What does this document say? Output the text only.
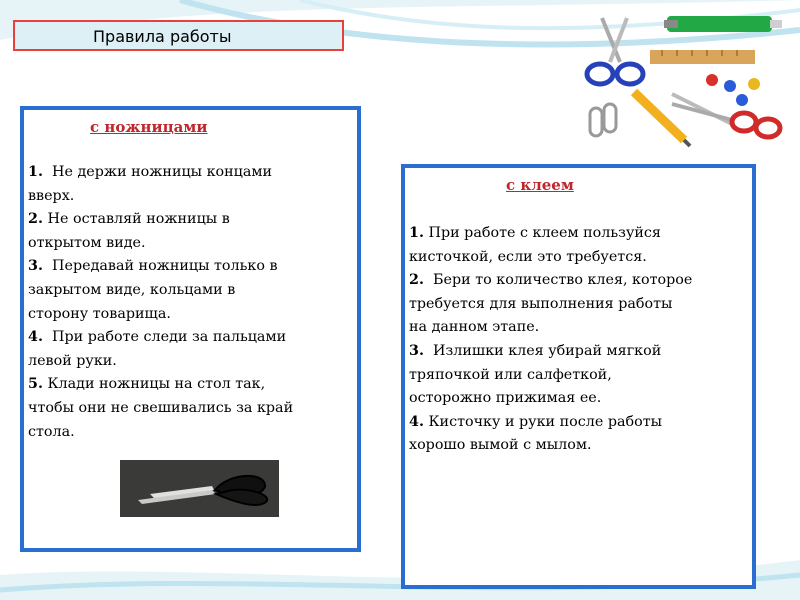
Правила работы
с ножницами
1. Не держи ножницы концами
вверх.
2. Не оставляй ножницы в
открытом виде.
3. Передавай ножницы только в
закрытом виде, кольцами в
сторону товарища.
4. При работе следи за пальцами
левой руки.
5. Клади ножницы на стол так,
чтобы они не свешивались за край
стола.
с клеем
1. При работе с клеем пользуйся
кисточкой, если это требуется.
2. Бери то количество клея, которое
требуется для выполнения работы
на данном этапе.
3. Излишки клея убирай мягкой
тряпочкой или салфеткой,
осторожно прижимая ее.
4. Кисточку и руки после работы
хорошо вымой с мылом.
